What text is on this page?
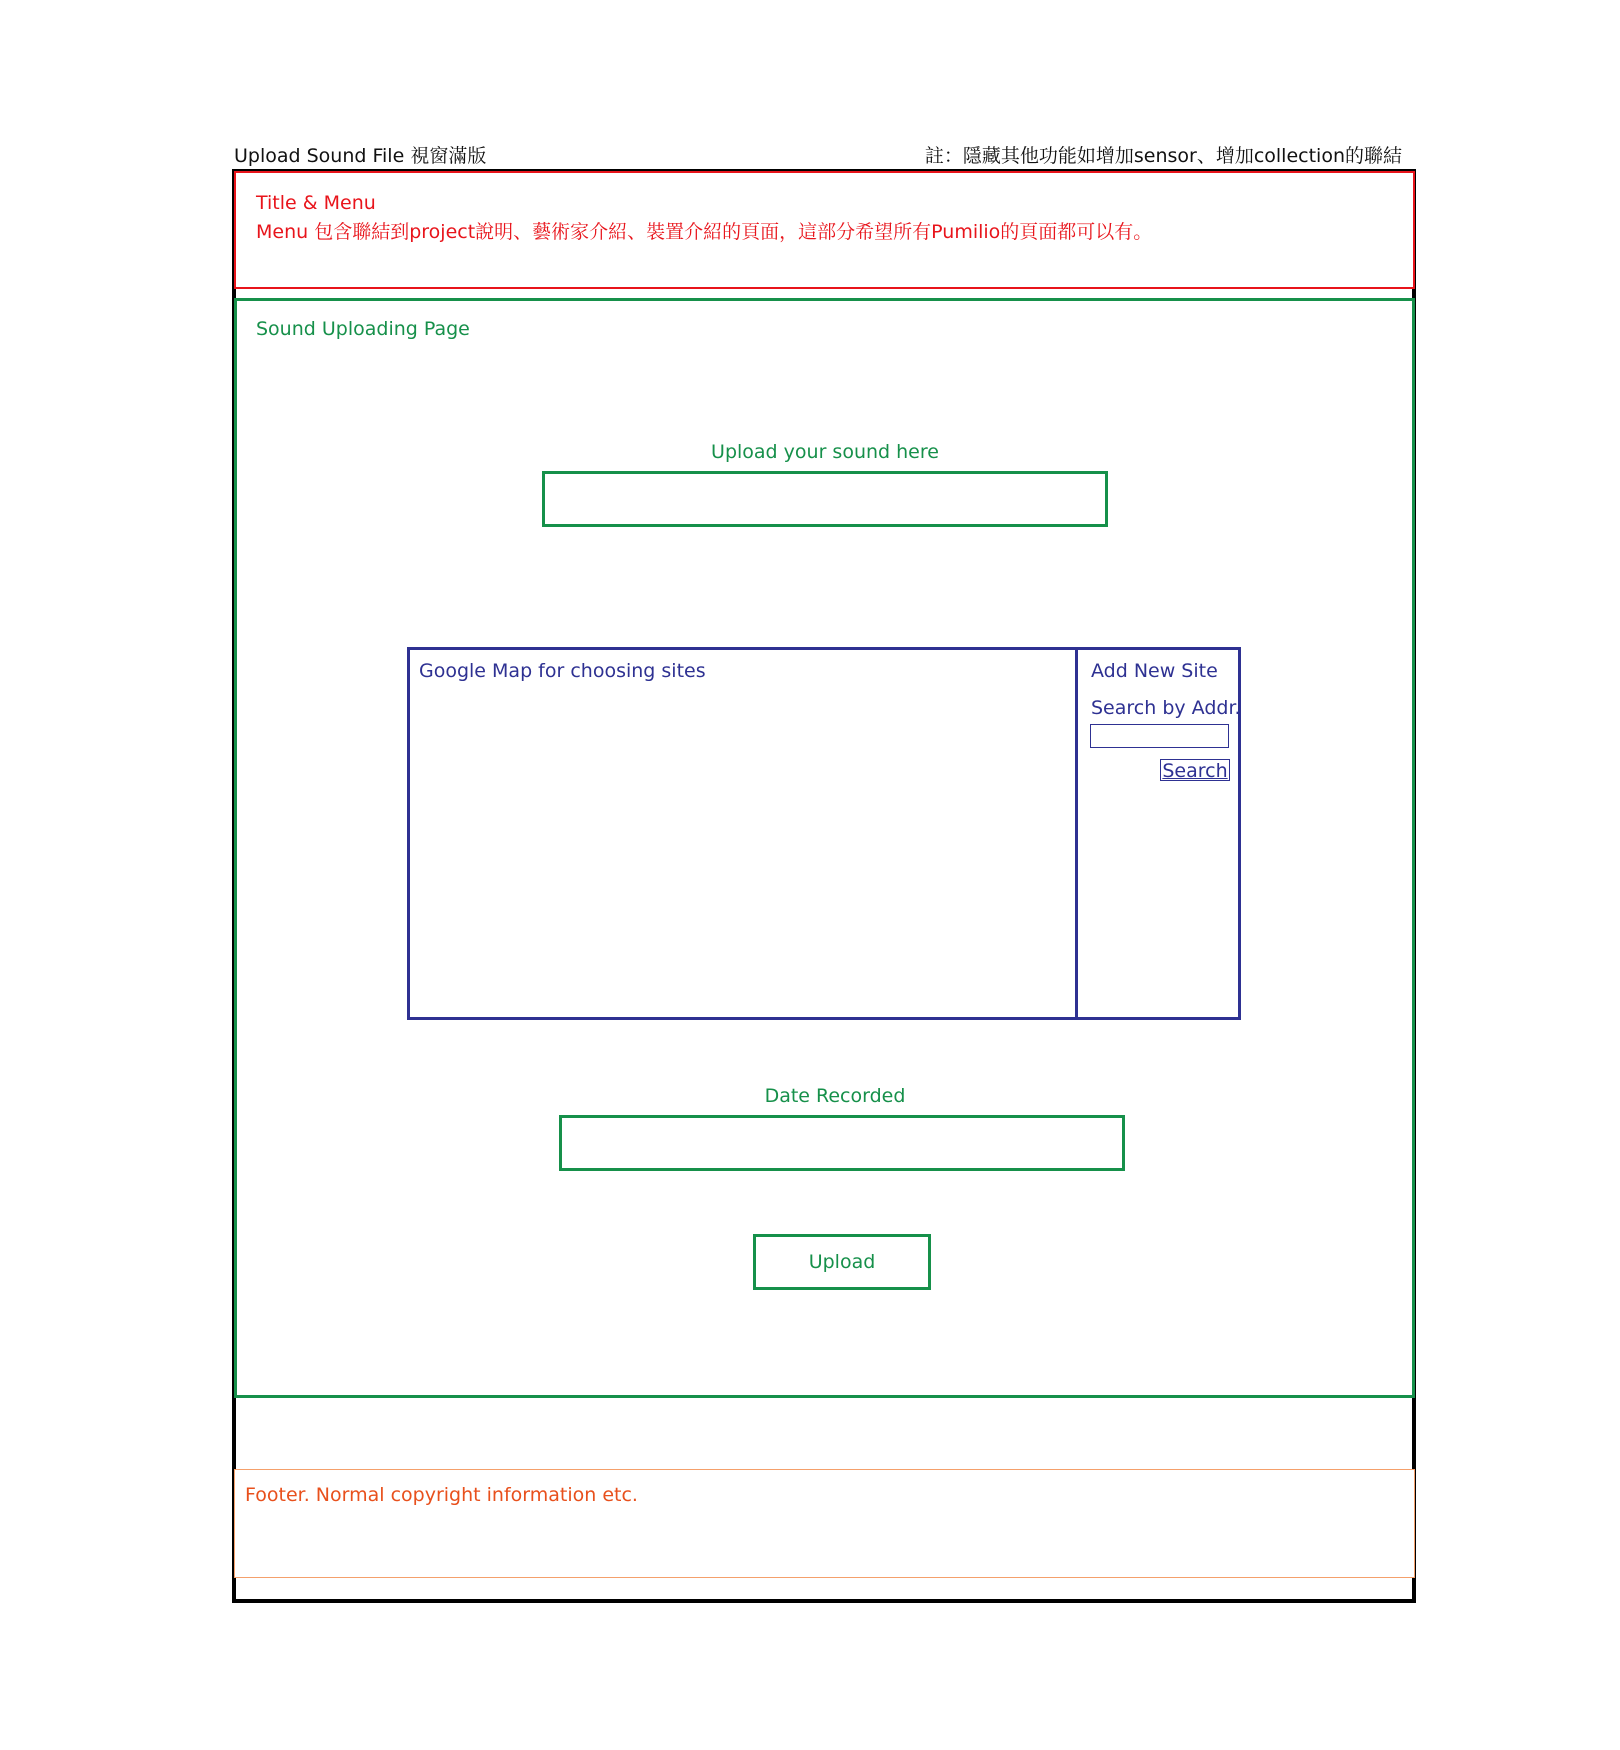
Upload Sound File 視窗滿版	註：隱藏其他功能如增加sensor、增加collection的聯結
Title & Menu
Menu 包含聯結到project說明、藝術家介紹、裝置介紹的頁面，這部分希望所有Pumilio的頁面都可以有。
Sound Uploading Page
Upload your sound here
Google Map for choosing sites	Add New Site
Search by Addr.
Search
Date Recorded
Upload
Footer. Normal copyright information etc.
